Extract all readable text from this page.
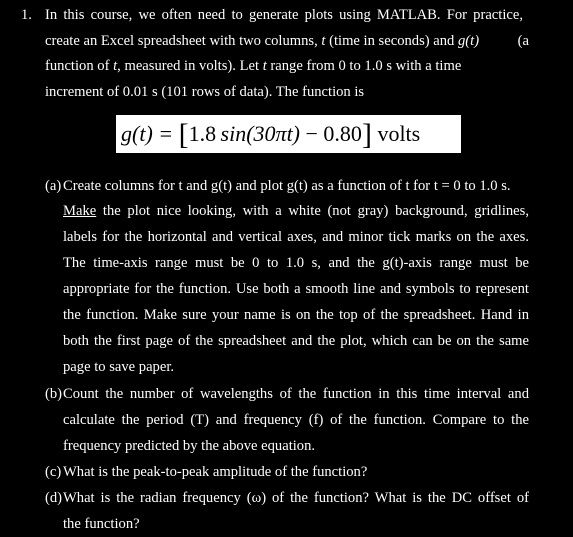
1. In this course, we often need to generate plots using MATLAB. For practice,
create an Excel spreadsheet with two columns, t (time in seconds) and g(t)	(a
function of t, measured in volts). Let t range from 0 to 1.0 s with a time
increment of 0.01 s (101 rows of data). The function is
g(t) = [1.8  sin(30πt) − 0.80] volts
(a) Create columns for t and g(t) and plot g(t) as a function of t for t = 0 to 1.0 s.
Make the plot nice looking, with a white (not gray) background, gridlines,
labels for the horizontal and vertical axes, and minor tick marks on the axes.
The time-axis range must be 0 to 1.0 s, and the g(t)-axis range must be
appropriate for the function. Use both a smooth line and symbols to represent
the function. Make sure your name is on the top of the spreadsheet. Hand in
both the first page of the spreadsheet and the plot, which can be on the same
page to save paper.
(b) Count the number of wavelengths of the function in this time interval and
calculate the period (T) and frequency (f) of the function. Compare to the
frequency predicted by the above equation.
(c) What is the peak-to-peak amplitude of the function?
(d) What is the radian frequency (ω) of the function? What is the DC offset of
the function?
